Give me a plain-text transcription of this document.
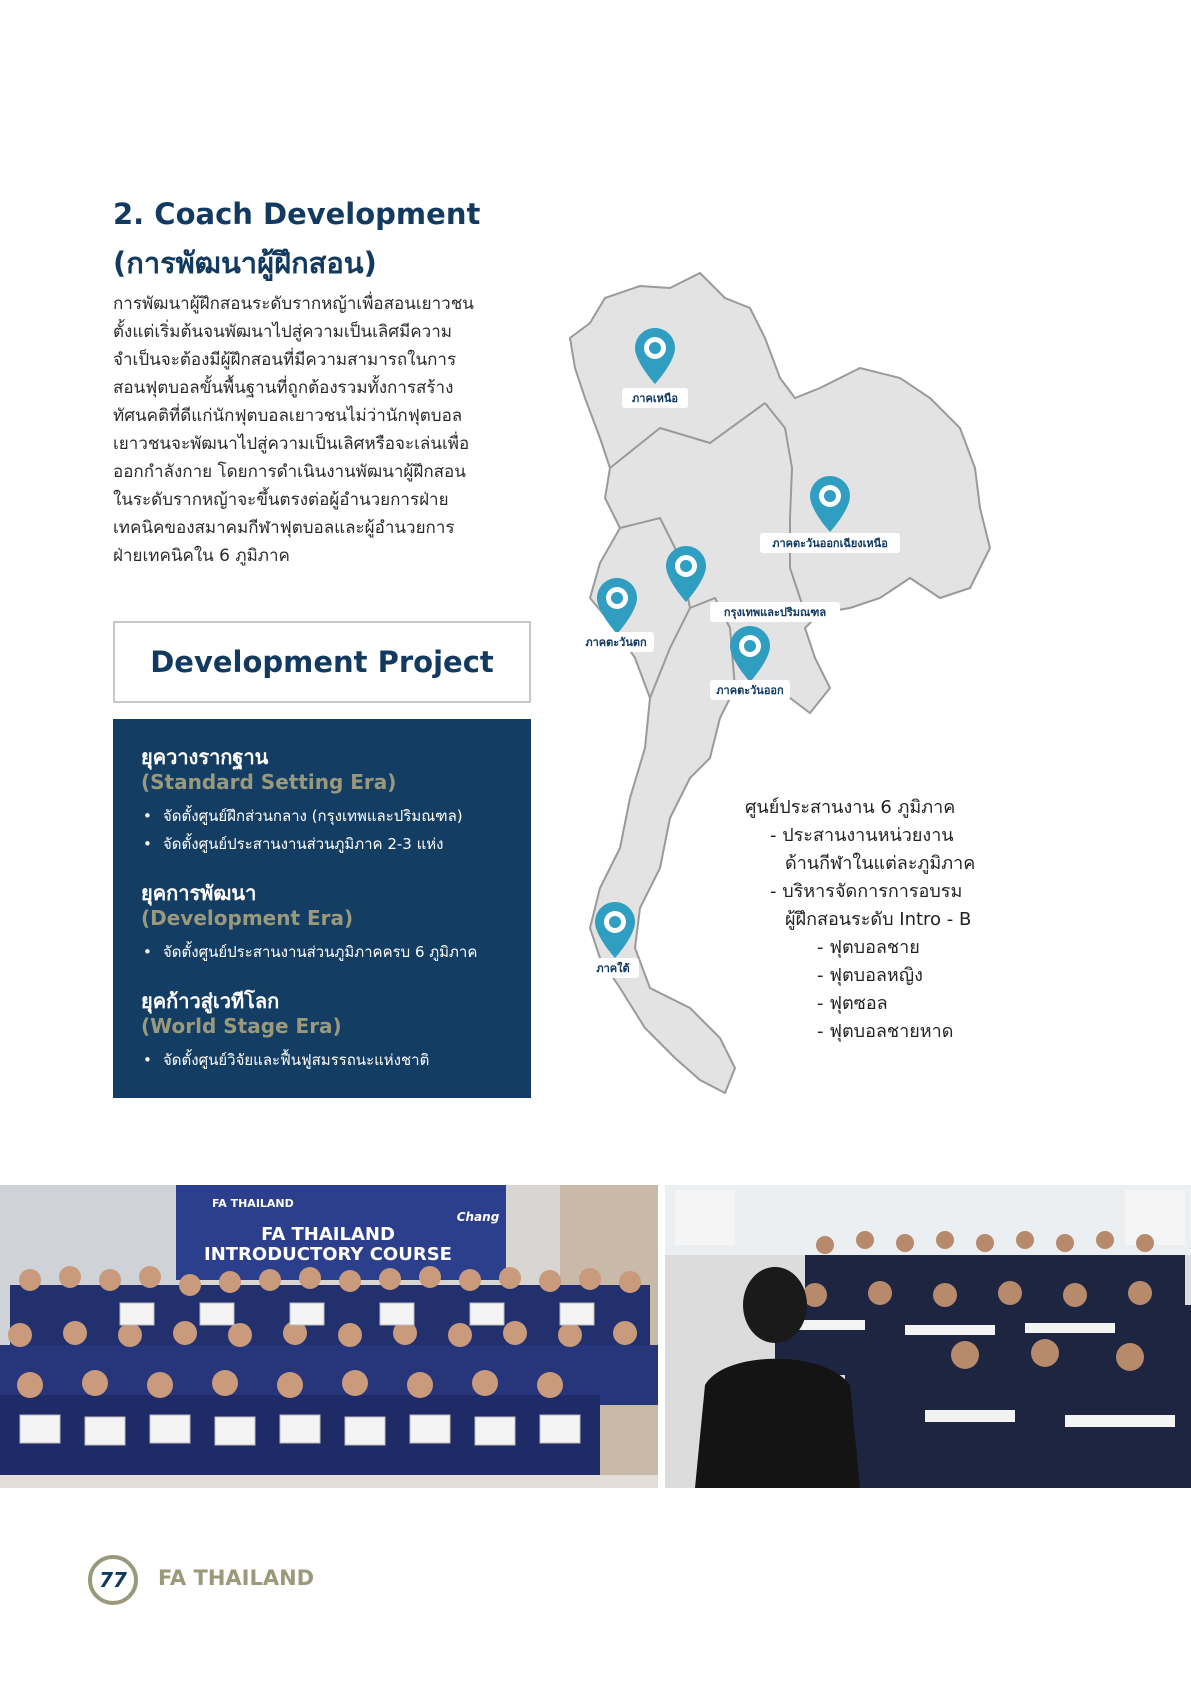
2. Coach Development
(การพัฒนาผู้ฝึกสอน)
การพัฒนาผู้ฝึกสอนระดับรากหญ้าเพื่อสอนเยาวชน
ตั้งแต่เริ่มต้นจนพัฒนาไปสู่ความเป็นเลิศมีความ
จำเป็นจะต้องมีผู้ฝึกสอนที่มีความสามารถในการ
สอนฟุตบอลขั้นพื้นฐานที่ถูกต้องรวมทั้งการสร้าง
ทัศนคติที่ดีแก่นักฟุตบอลเยาวชนไม่ว่านักฟุตบอล
เยาวชนจะพัฒนาไปสู่ความเป็นเลิศหรือจะเล่นเพื่อ
ออกกำลังกาย โดยการดำเนินงานพัฒนาผู้ฝึกสอน
ในระดับรากหญ้าจะขึ้นตรงต่อผู้อำนวยการฝ่าย
เทคนิคของสมาคมกีฬาฟุตบอลและผู้อำนวยการ
ฝ่ายเทคนิคใน 6 ภูมิภาค
Development Project
ยุควางรากฐาน
(Standard Setting Era)
• จัดตั้งศูนย์ฝึกส่วนกลาง (กรุงเทพและปริมณฑล)
• จัดตั้งศูนย์ประสานงานส่วนภูมิภาค 2-3 แห่ง
ยุคการพัฒนา
(Development Era)
• จัดตั้งศูนย์ประสานงานส่วนภูมิภาคครบ 6 ภูมิภาค
ยุคก้าวสู่เวทีโลก
(World Stage Era)
• จัดตั้งศูนย์วิจัยและฟื้นฟูสมรรถนะแห่งชาติ
ภาคเหนือ
ภาคตะวันออกเฉียงเหนือ
กรุงเทพและปริมณฑล
ภาคตะวันตก
ภาคตะวันออก
ภาคใต้
ศูนย์ประสานงาน 6 ภูมิภาค
- ประสานงานหน่วยงาน
ด้านกีฬาในแต่ละภูมิภาค
- บริหารจัดการการอบรม
ผู้ฝึกสอนระดับ Intro - B
- ฟุตบอลชาย
- ฟุตบอลหญิง
- ฟุตซอล
- ฟุตบอลชายหาด
FA THAILAND
Chang
FA THAILAND
INTRODUCTORY COURSE
77 FA THAILAND
